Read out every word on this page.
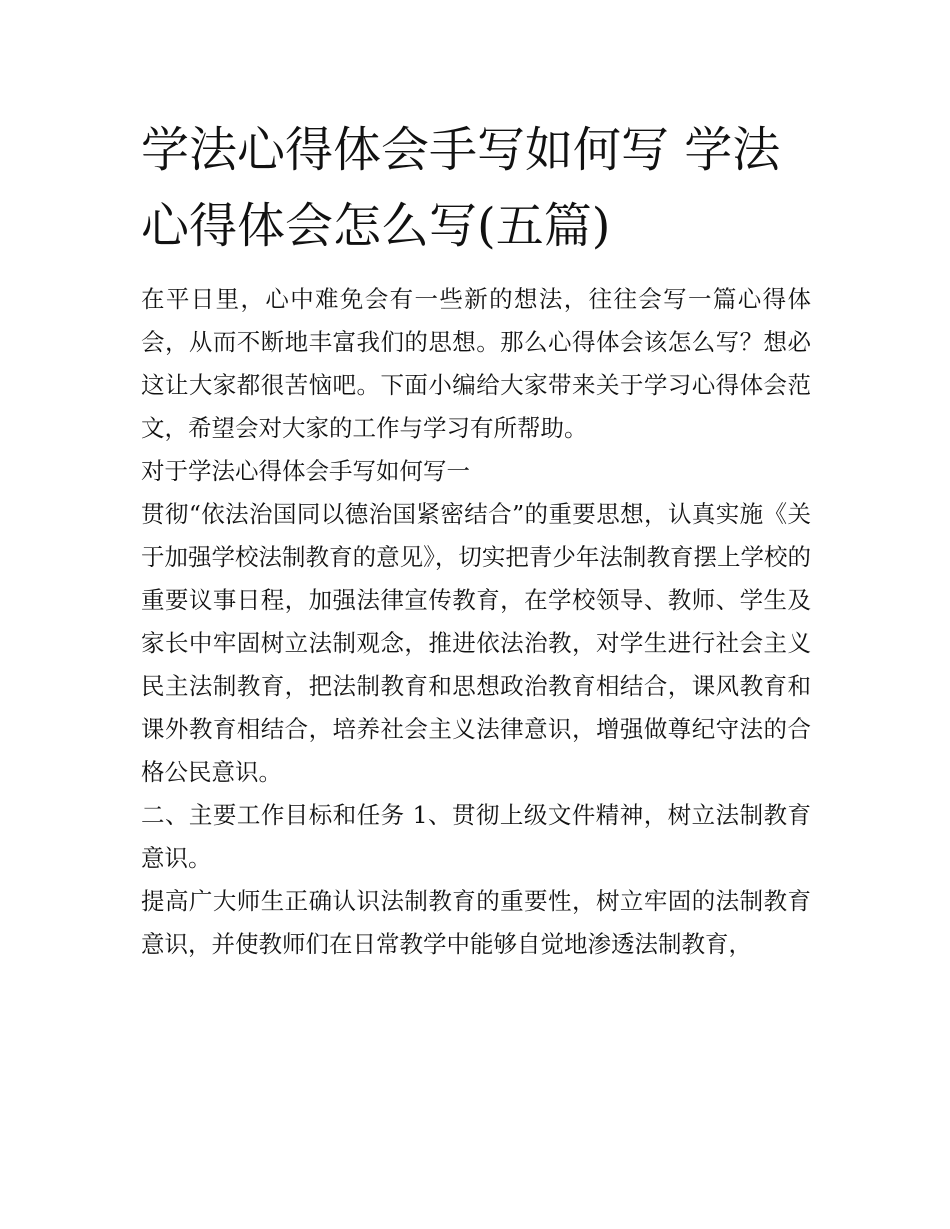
学法心得体会手写如何写 学法心得体会怎么写(五篇)

在平日里，心中难免会有一些新的想法，往往会写一篇心得体会，从而不断地丰富我们的思想。那么心得体会该怎么写？想必这让大家都很苦恼吧。下面小编给大家带来关于学习心得体会范文，希望会对大家的工作与学习有所帮助。

对于学法心得体会手写如何写一

贯彻“依法治国同以德治国紧密结合”的重要思想，认真实施《关于加强学校法制教育的意见》，切实把青少年法制教育摆上学校的重要议事日程，加强法律宣传教育，在学校领导、教师、学生及家长中牢固树立法制观念，推进依法治教，对学生进行社会主义民主法制教育，把法制教育和思想政治教育相结合，课风教育和课外教育相结合，培养社会主义法律意识，增强做尊纪守法的合格公民意识。

二、主要工作目标和任务 1、贯彻上级文件精神，树立法制教育意识。

提高广大师生正确认识法制教育的重要性，树立牢固的法制教育意识，并使教师们在日常教学中能够自觉地渗透法制教育，
